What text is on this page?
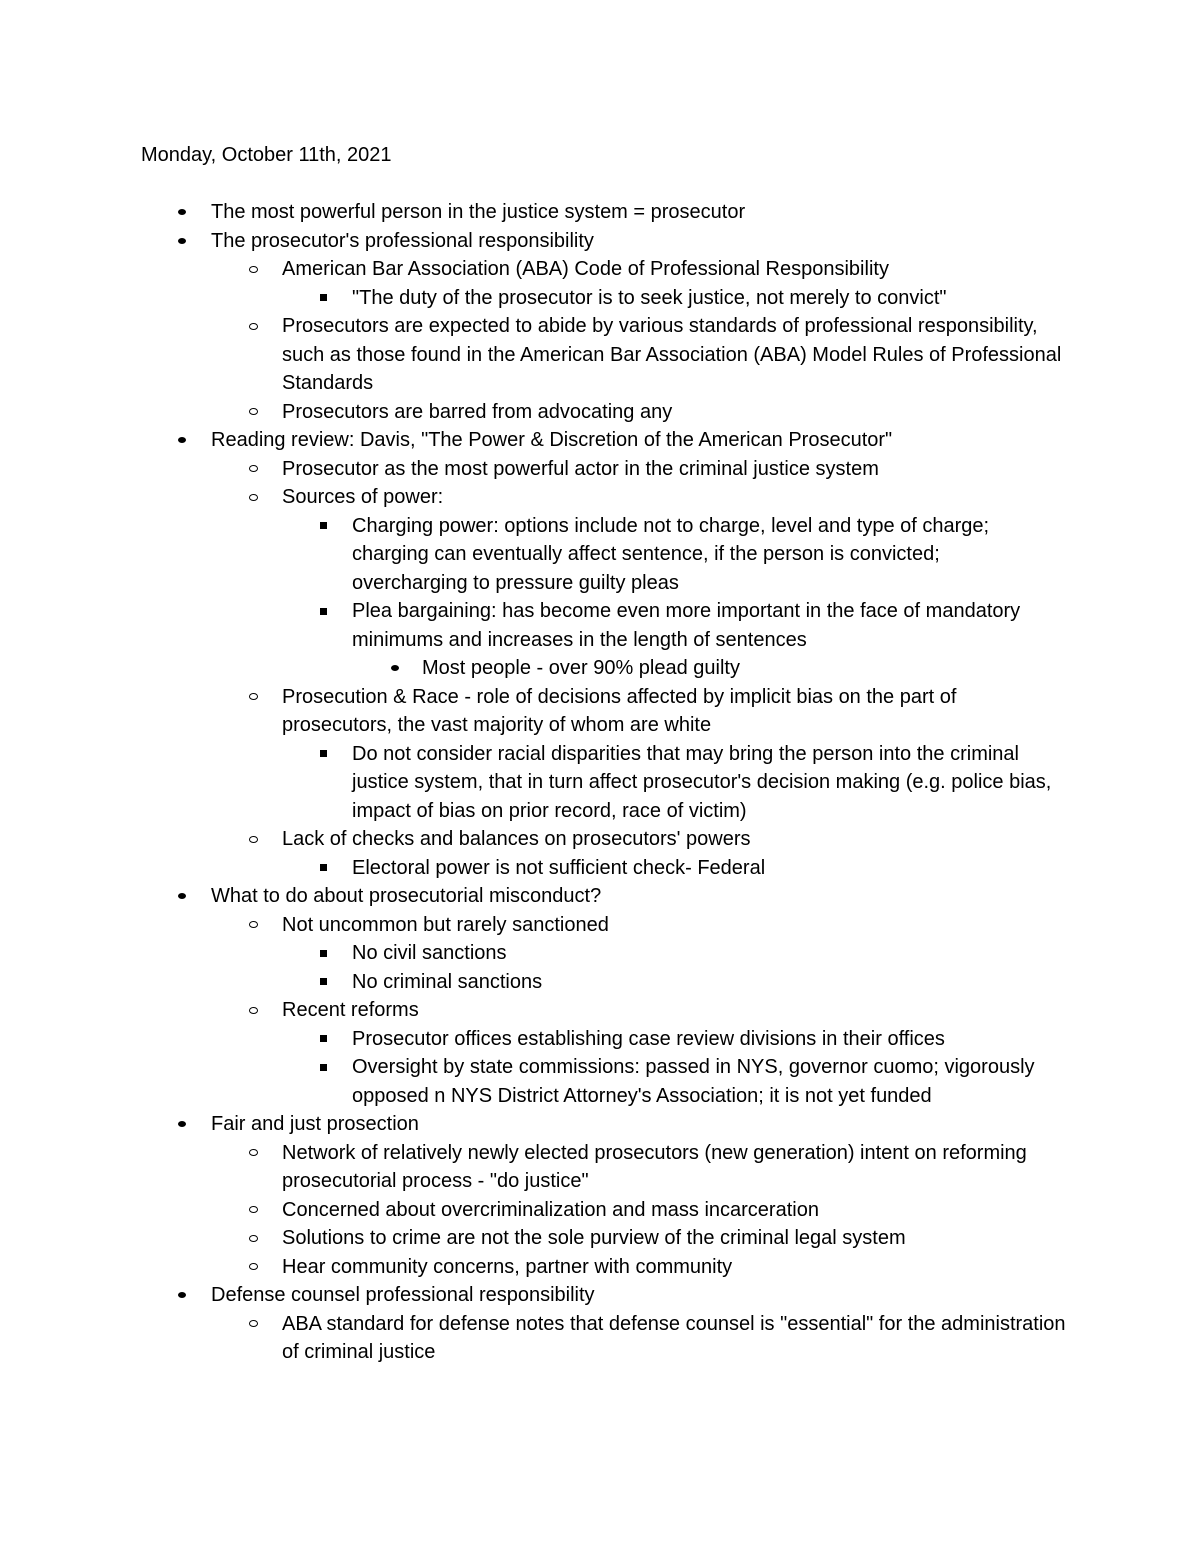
Monday, October 11th, 2021
The most powerful person in the justice system = prosecutor
The prosecutor's professional responsibility
American Bar Association (ABA) Code of Professional Responsibility
"The duty of the prosecutor is to seek justice, not merely to convict"
Prosecutors are expected to abide by various standards of professional responsibility, such as those found in the American Bar Association (ABA) Model Rules of Professional Standards
Prosecutors are barred from advocating any
Reading review: Davis, "The Power & Discretion of the American Prosecutor"
Prosecutor as the most powerful actor in the criminal justice system
Sources of power:
Charging power: options include not to charge, level and type of charge; charging can eventually affect sentence, if the person is convicted; overcharging to pressure guilty pleas
Plea bargaining: has become even more important in the face of mandatory minimums and increases in the length of sentences
Most people - over 90% plead guilty
Prosecution & Race - role of decisions affected by implicit bias on the part of prosecutors, the vast majority of whom are white
Do not consider racial disparities that may bring the person into the criminal justice system, that in turn affect prosecutor's decision making (e.g. police bias, impact of bias on prior record, race of victim)
Lack of checks and balances on prosecutors' powers
Electoral power is not sufficient check- Federal
What to do about prosecutorial misconduct?
Not uncommon but rarely sanctioned
No civil sanctions
No criminal sanctions
Recent reforms
Prosecutor offices establishing case review divisions in their offices
Oversight by state commissions: passed in NYS, governor cuomo; vigorously opposed n NYS District Attorney's Association; it is not yet funded
Fair and just prosection
Network of relatively newly elected prosecutors (new generation) intent on reforming prosecutorial process - "do justice"
Concerned about overcriminalization and mass incarceration
Solutions to crime are not the sole purview of the criminal legal system
Hear community concerns, partner with community
Defense counsel professional responsibility
ABA standard for defense notes that defense counsel is "essential" for the administration of criminal justice
